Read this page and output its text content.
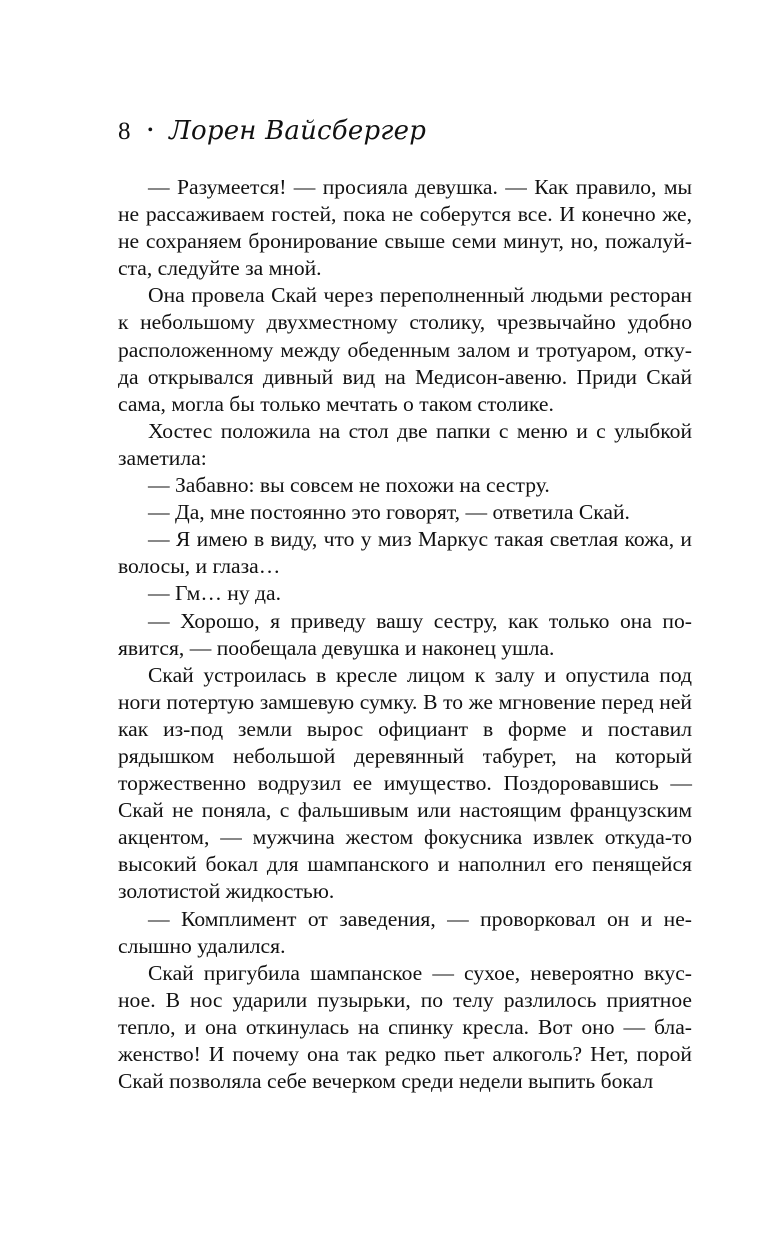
8 • Лорен Вайсбергер

— Разумеется! — просияла девушка. — Как правило, мы не рассаживаем гостей, пока не соберутся все. И конечно же, не сохраняем бронирование свыше семи минут, но, пожалуйста, следуйте за мной.

Она провела Скай через переполненный людьми ресторан к небольшому двухместному столику, чрезвычайно удобно расположенному между обеденным залом и тротуаром, откуда открывался дивный вид на Медисон-авеню. Приди Скай сама, могла бы только мечтать о таком столике.

Хостес положила на стол две папки с меню и с улыбкой заметила:

— Забавно: вы совсем не похожи на сестру.

— Да, мне постоянно это говорят, — ответила Скай.

— Я имею в виду, что у миз Маркус такая светлая кожа, и волосы, и глаза…

— Гм… ну да.

— Хорошо, я приведу вашу сестру, как только она появится, — пообещала девушка и наконец ушла.

Скай устроилась в кресле лицом к залу и опустила под ноги потертую замшевую сумку. В то же мгновение перед ней как из-под земли вырос официант в форме и поставил рядышком небольшой деревянный табурет, на который торжественно водрузил ее имущество. Поздоровавшись — Скай не поняла, с фальшивым или настоящим французским акцентом, — мужчина жестом фокусника извлек откуда-то высокий бокал для шампанского и наполнил его пенящейся золотистой жидкостью.

— Комплимент от заведения, — проворковал он и неслышно удалился.

Скай пригубила шампанское — сухое, невероятно вкусное. В нос ударили пузырьки, по телу разлилось приятное тепло, и она откинулась на спинку кресла. Вот оно — блаженство! И почему она так редко пьет алкоголь? Нет, порой Скай позволяла себе вечерком среди недели выпить бокал
